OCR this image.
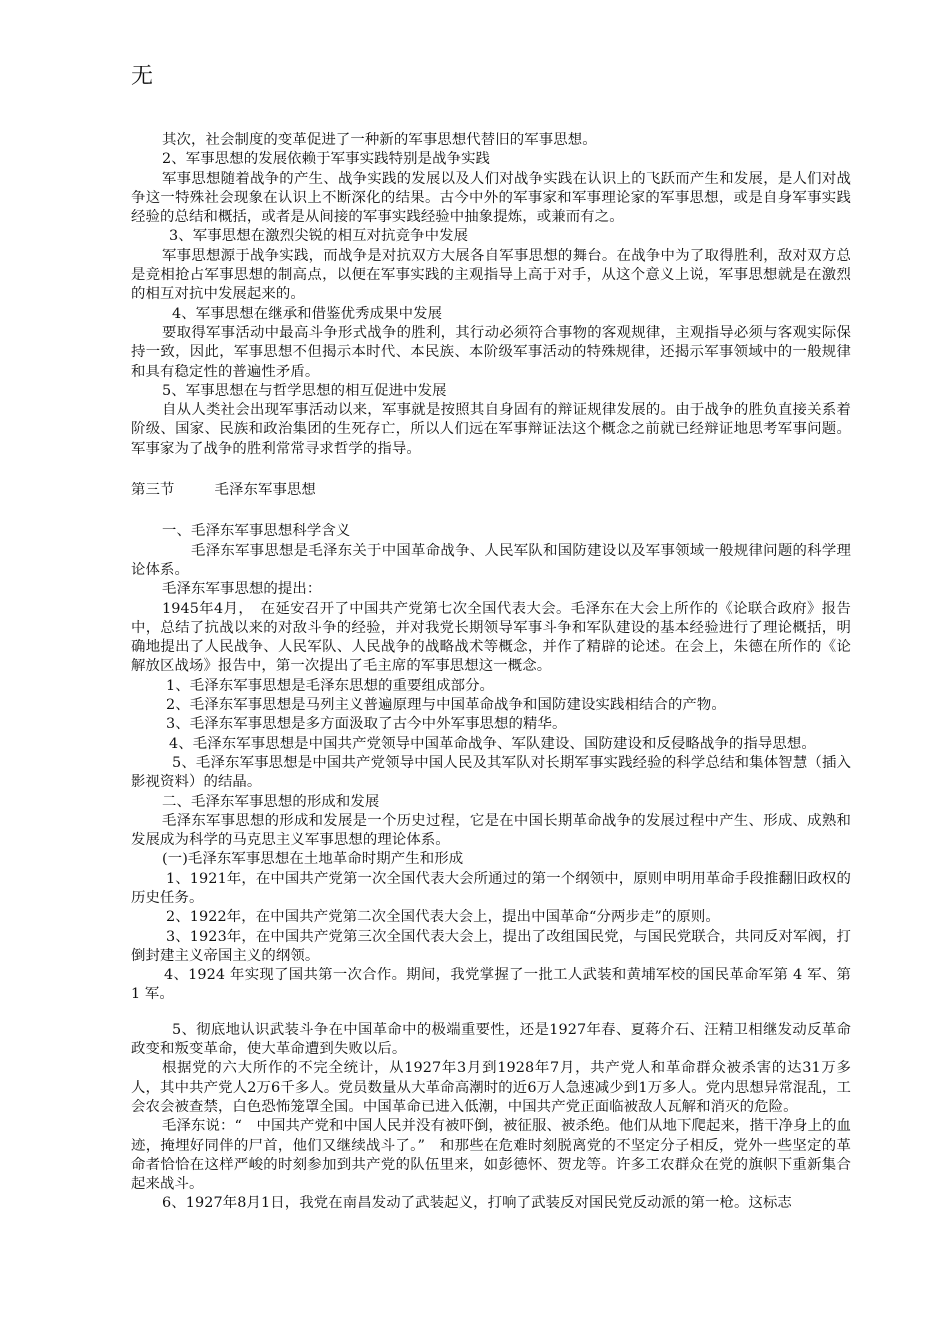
无

其次，社会制度的变革促进了一种新的军事思想代替旧的军事思想。

2、军事思想的发展依赖于军事实践特别是战争实践

军事思想随着战争的产生、战争实践的发展以及人们对战争实践在认识上的飞跃而产生和发展，是人们对战争这一特殊社会现象在认识上不断深化的结果。古今中外的军事家和军事理论家的军事思想，或是自身军事实践经验的总结和概括，或者是从间接的军事实践经验中抽象提炼，或兼而有之。

3、军事思想在激烈尖锐的相互对抗竞争中发展

军事思想源于战争实践，而战争是对抗双方大展各自军事思想的舞台。在战争中为了取得胜利，敌对双方总是竞相抢占军事思想的制高点，以便在军事实践的主观指导上高于对手，从这个意义上说，军事思想就是在激烈的相互对抗中发展起来的。

4、军事思想在继承和借鉴优秀成果中发展

要取得军事活动中最高斗争形式战争的胜利，其行动必须符合事物的客观规律，主观指导必须与客观实际保持一致，因此，军事思想不但揭示本时代、本民族、本阶级军事活动的特殊规律，还揭示军事领域中的一般规律和具有稳定性的普遍性矛盾。

5、军事思想在与哲学思想的相互促进中发展

自从人类社会出现军事活动以来，军事就是按照其自身固有的辩证规律发展的。由于战争的胜负直接关系着阶级、国家、民族和政治集团的生死存亡，所以人们远在军事辩证法这个概念之前就已经辩证地思考军事问题。军事家为了战争的胜利常常寻求哲学的指导。

第三节	毛泽东军事思想

一、毛泽东军事思想科学含义

毛泽东军事思想是毛泽东关于中国革命战争、人民军队和国防建设以及军事领域一般规律问题的科学理论体系。

毛泽东军事思想的提出：

1945年4月，　在延安召开了中国共产党第七次全国代表大会。毛泽东在大会上所作的《论联合政府》报告中，总结了抗战以来的对敌斗争的经验，并对我党长期领导军事斗争和军队建设的基本经验进行了理论概括，明确地提出了人民战争、人民军队、人民战争的战略战术等概念，并作了精辟的论述。在会上，朱德在所作的《论解放区战场》报告中，第一次提出了毛主席的军事思想这一概念。

1、毛泽东军事思想是毛泽东思想的重要组成部分。

2、毛泽东军事思想是马列主义普遍原理与中国革命战争和国防建设实践相结合的产物。

3、毛泽东军事思想是多方面汲取了古今中外军事思想的精华。

4、毛泽东军事思想是中国共产党领导中国革命战争、军队建设、国防建设和反侵略战争的指导思想。

5、毛泽东军事思想是中国共产党领导中国人民及其军队对长期军事实践经验的科学总结和集体智慧（插入影视资料）的结晶。

二、毛泽东军事思想的形成和发展

毛泽东军事思想的形成和发展是一个历史过程，它是在中国长期革命战争的发展过程中产生、形成、成熟和发展成为科学的马克思主义军事思想的理论体系。

(一)毛泽东军事思想在土地革命时期产生和形成

1、1921年，在中国共产党第一次全国代表大会所通过的第一个纲领中，原则申明用革命手段推翻旧政权的历史任务。

2、1922年，在中国共产党第二次全国代表大会上，提出中国革命“分两步走”的原则。

3、1923年，在中国共产党第三次全国代表大会上，提出了改组国民党，与国民党联合，共同反对军阀，打倒封建主义帝国主义的纲领。

4、1924 年实现了国共第一次合作。期间，我党掌握了一批工人武装和黄埔军校的国民革命军第 4 军、第 1 军。

5、彻底地认识武装斗争在中国革命中的极端重要性，还是1927年春、夏蒋介石、汪精卫相继发动反革命政变和叛变革命，使大革命遭到失败以后。

根据党的六大所作的不完全统计，从1927年3月到1928年7月，共产党人和革命群众被杀害的达31万多人，其中共产党人2万6千多人。党员数量从大革命高潮时的近6万人急速减少到1万多人。党内思想异常混乱，工会农会被查禁，白色恐怖笼罩全国。中国革命已进入低潮，中国共产党正面临被敌人瓦解和消灭的危险。

毛泽东说：“　中国共产党和中国人民并没有被吓倒，被征服、被杀绝。他们从地下爬起来，揩干净身上的血迹，掩埋好同伴的尸首，他们又继续战斗了。”　和那些在危难时刻脱离党的不坚定分子相反，党外一些坚定的革命者恰恰在这样严峻的时刻参加到共产党的队伍里来，如彭德怀、贺龙等。许多工农群众在党的旗帜下重新集合起来战斗。

6、1927年8月1日，我党在南昌发动了武装起义，打响了武装反对国民党反动派的第一枪。这标志
